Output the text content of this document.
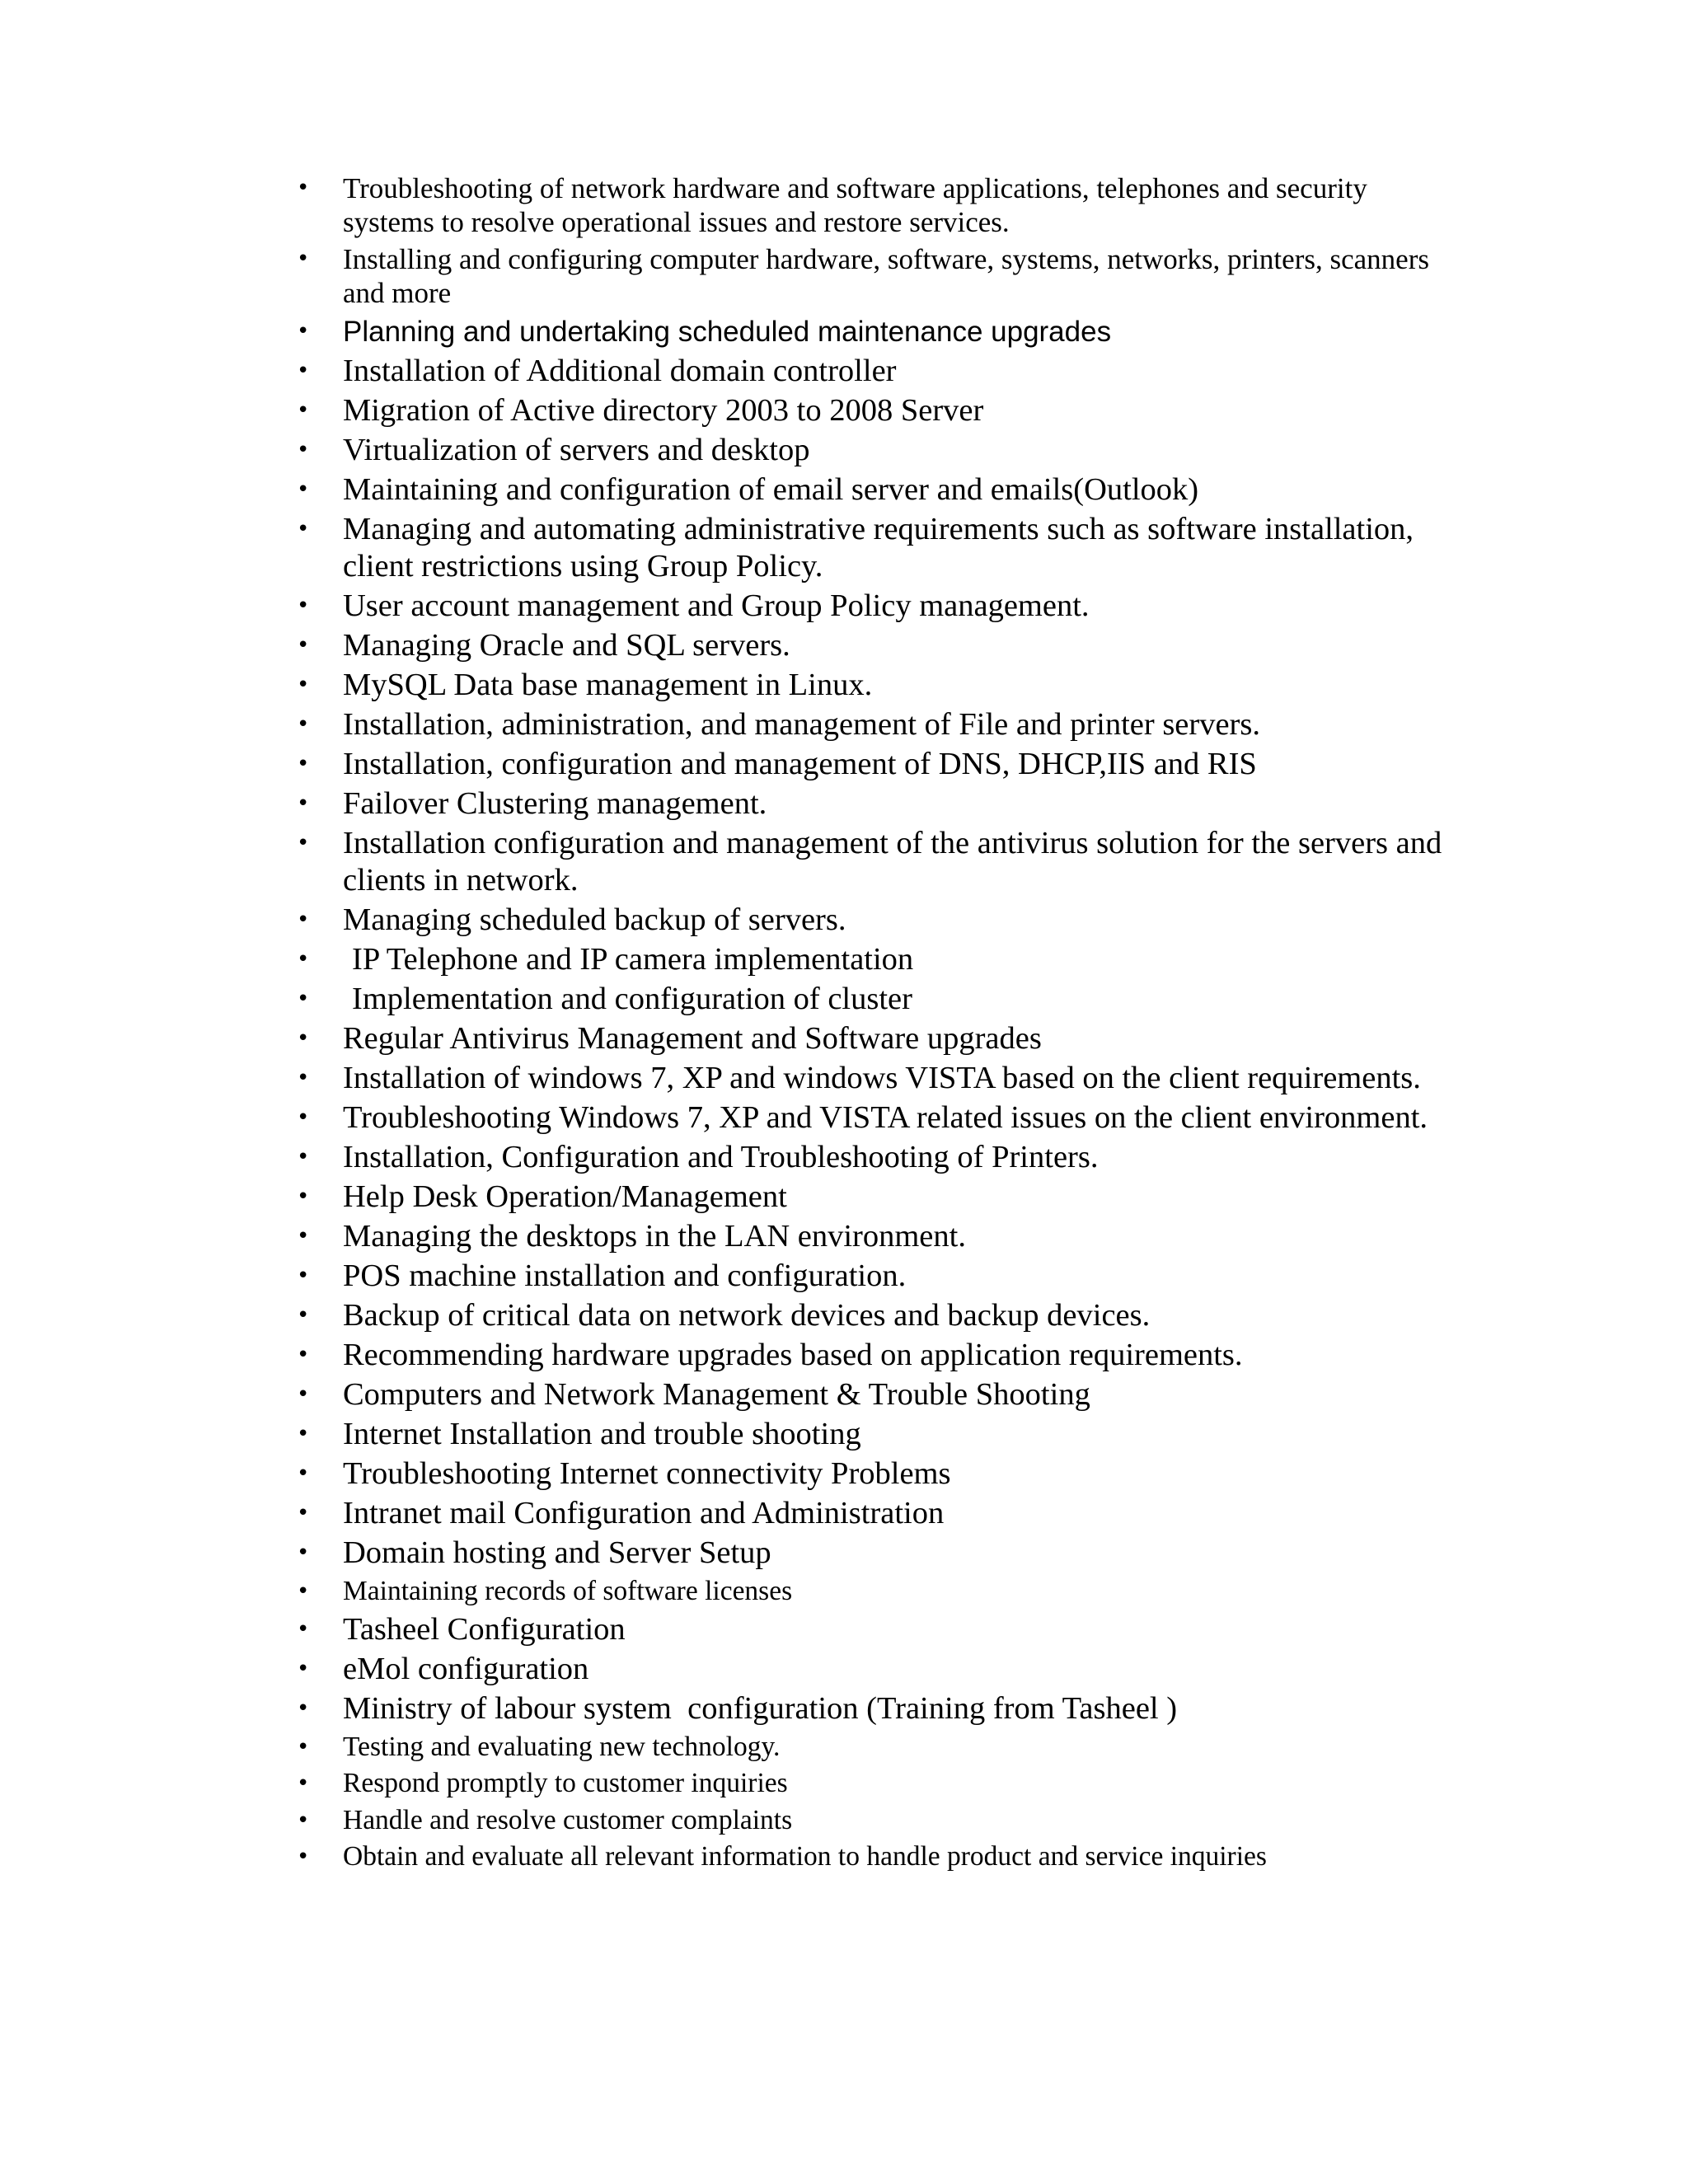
• Troubleshooting of network hardware and software applications, telephones and security systems to resolve operational issues and restore services.
• Installing and configuring computer hardware, software, systems, networks, printers, scanners and more
• Planning and undertaking scheduled maintenance upgrades
• Installation of Additional domain controller
• Migration of Active directory 2003 to 2008 Server
• Virtualization of servers and desktop
• Maintaining and configuration of email server and emails(Outlook)
• Managing and automating administrative requirements such as software installation, client restrictions using Group Policy.
• User account management and Group Policy management.
• Managing Oracle and SQL servers.
• MySQL Data base management in Linux.
• Installation, administration, and management of File and printer servers.
• Installation, configuration and management of DNS, DHCP,IIS and RIS
• Failover Clustering management.
• Installation configuration and management of the antivirus solution for the servers and clients in network.
• Managing scheduled backup of servers.
• IP Telephone and IP camera implementation
• Implementation and configuration of cluster
• Regular Antivirus Management and Software upgrades
• Installation of windows 7, XP and windows VISTA based on the client requirements.
• Troubleshooting Windows 7, XP and VISTA related issues on the client environment.
• Installation, Configuration and Troubleshooting of Printers.
• Help Desk Operation/Management
• Managing the desktops in the LAN environment.
• POS machine installation and configuration.
• Backup of critical data on network devices and backup devices.
• Recommending hardware upgrades based on application requirements.
• Computers and Network Management & Trouble Shooting
• Internet Installation and trouble shooting
• Troubleshooting Internet connectivity Problems
• Intranet mail Configuration and Administration
• Domain hosting and Server Setup
• Maintaining records of software licenses
• Tasheel Configuration
• eMol configuration
• Ministry of labour system  configuration (Training from Tasheel )
• Testing and evaluating new technology.
• Respond promptly to customer inquiries
• Handle and resolve customer complaints
• Obtain and evaluate all relevant information to handle product and service inquiries
